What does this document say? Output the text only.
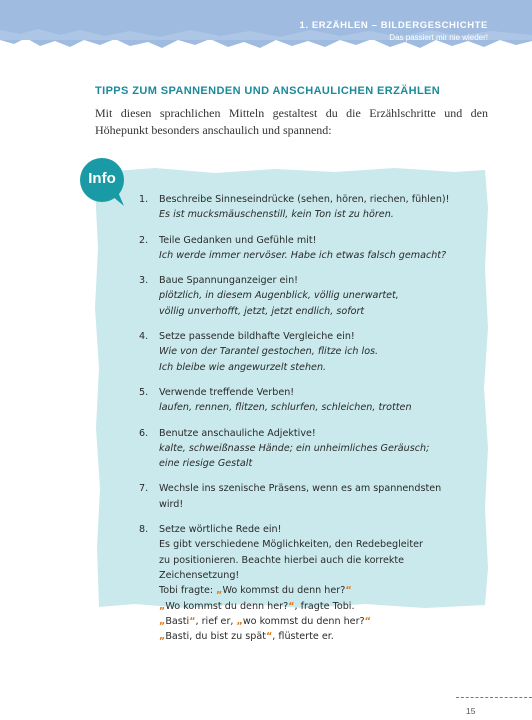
1. ERZÄHLEN – BILDERGESCHICHTE
Das passiert mir nie wieder!
TIPPS ZUM SPANNENDEN UND ANSCHAULICHEN ERZÄHLEN
Mit diesen sprachlichen Mitteln gestaltest du die Erzählschritte und den Höhepunkt besonders anschaulich und spannend:
Info
1. Beschreibe Sinneseindrücke (sehen, hören, riechen, fühlen)!
Es ist mucksmäuschenstill, kein Ton ist zu hören.
2. Teile Gedanken und Gefühle mit!
Ich werde immer nervöser. Habe ich etwas falsch gemacht?
3. Baue Spannunganzeiger ein!
plötzlich, in diesem Augenblick, völlig unerwartet,
völlig unverhofft, jetzt, jetzt endlich, sofort
4. Setze passende bildhafte Vergleiche ein!
Wie von der Tarantel gestochen, flitze ich los.
Ich bleibe wie angewurzelt stehen.
5. Verwende treffende Verben!
laufen, rennen, flitzen, schlurfen, schleichen, trotten
6. Benutze anschauliche Adjektive!
kalte, schweißnasse Hände; ein unheimliches Geräusch;
eine riesige Gestalt
7. Wechsle ins szenische Präsens, wenn es am spannendsten
wird!
8. Setze wörtliche Rede ein!
Es gibt verschiedene Möglichkeiten, den Redebegleiter
zu positionieren. Beachte hierbei auch die korrekte
Zeichensetzung!
Tobi fragte: „Wo kommst du denn her?“
„Wo kommst du denn her?“, fragte Tobi.
„Basti“, rief er, „wo kommst du denn her?“
„Basti, du bist zu spät“, flüsterte er.
15
